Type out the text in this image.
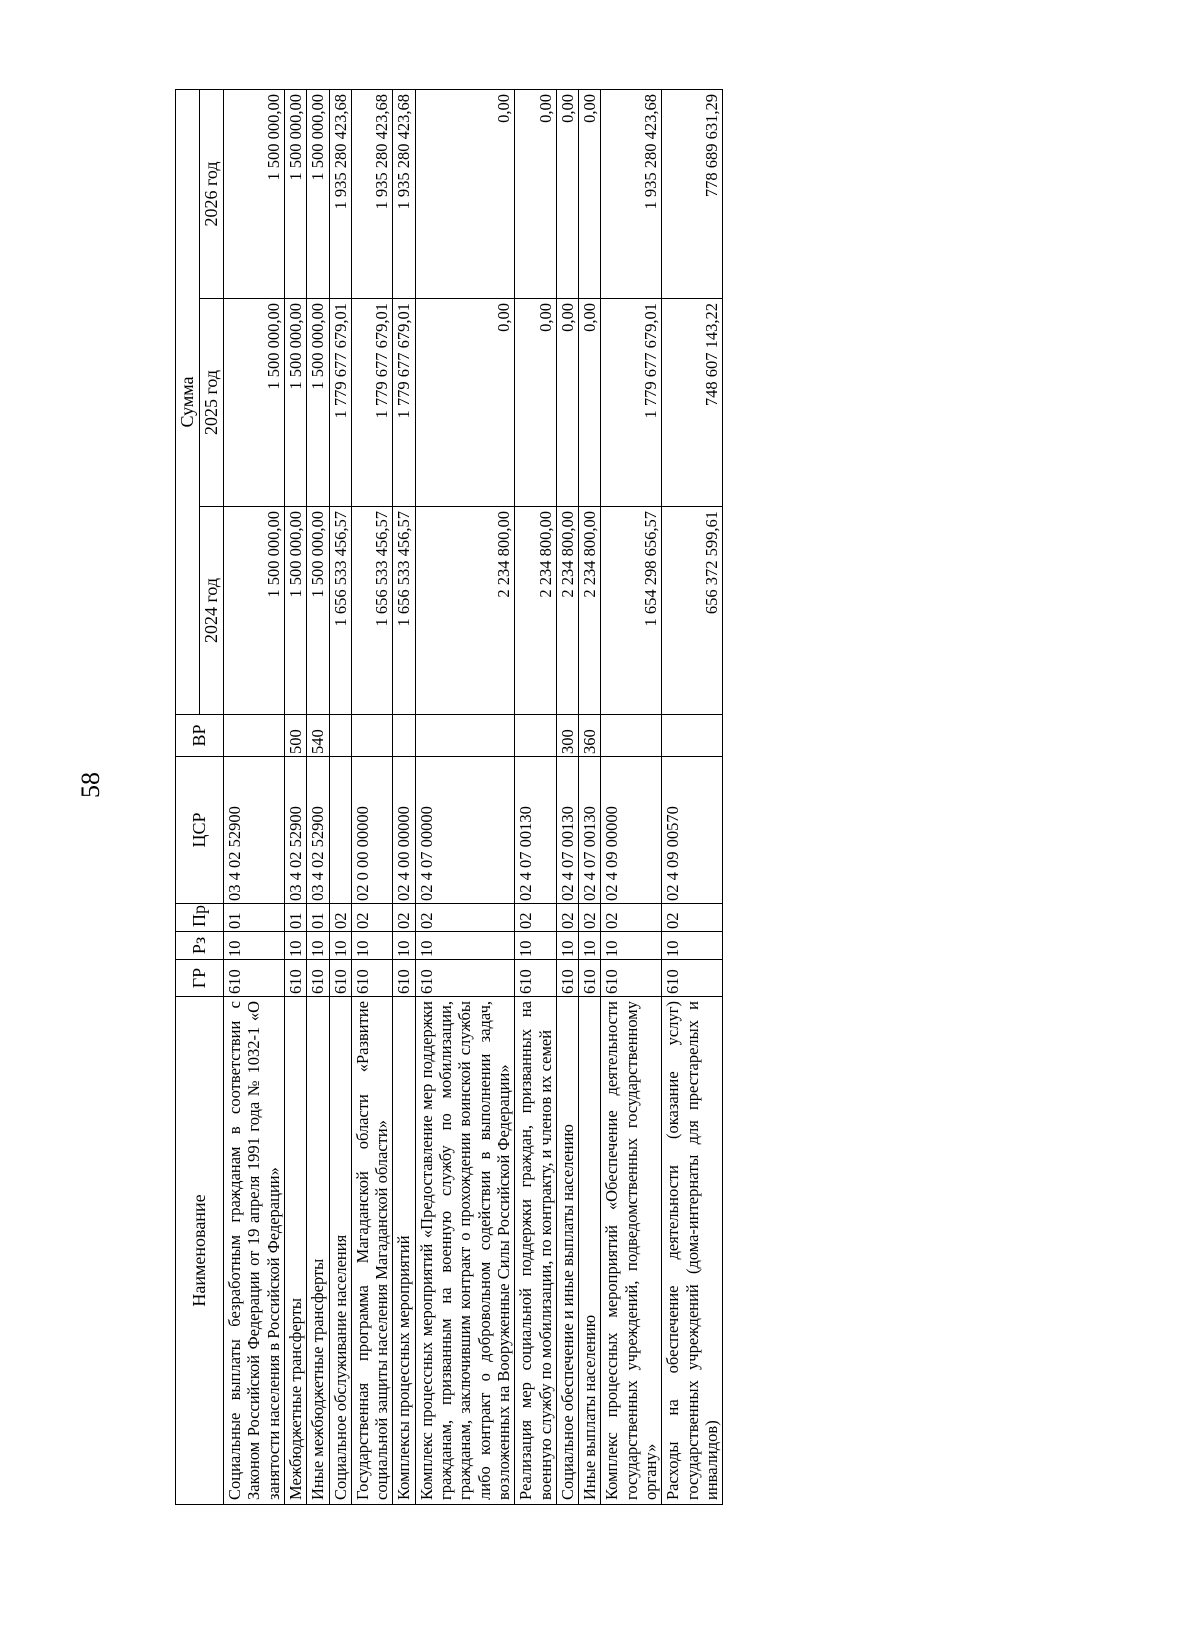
58
Наименование	ГР	Рз	Пр	ЦСР	ВР	Сумма		
						2024 год	2025 год	2026 год
Социальные выплаты безработным гражданам в соответствии с Законом Российской Федерации от 19 апреля 1991 года № 1032-1 «О занятости населения в Российской Федерации»	610	10	01	03 4 02 52900		1 500 000,00	1 500 000,00	1 500 000,00
Межбюджетные трансферты	610	10	01	03 4 02 52900	500	1 500 000,00	1 500 000,00	1 500 000,00
Иные межбюджетные трансферты	610	10	01	03 4 02 52900	540	1 500 000,00	1 500 000,00	1 500 000,00
Социальное обслуживание населения	610	10	02			1 656 533 456,57	1 779 677 679,01	1 935 280 423,68
Государственная программа Магаданской области «Развитие социальной защиты населения Магаданской области»	610	10	02	02 0 00 00000		1 656 533 456,57	1 779 677 679,01	1 935 280 423,68
Комплексы процессных мероприятий	610	10	02	02 4 00 00000		1 656 533 456,57	1 779 677 679,01	1 935 280 423,68
Комплекс процессных мероприятий «Предоставление мер поддержки гражданам, призванным на военную службу по мобилизации, гражданам, заключившим контракт о прохождении воинской службы либо контракт о добровольном содействии в выполнении задач, возложенных на Вооруженные Силы Российской Федерации»	610	10	02	02 4 07 00000		2 234 800,00	0,00	0,00
Реализация мер социальной поддержки граждан, призванных на военную службу по мобилизации, по контракту, и членов их семей	610	10	02	02 4 07 00130		2 234 800,00	0,00	0,00
Социальное обеспечение и иные выплаты населению	610	10	02	02 4 07 00130	300	2 234 800,00	0,00	0,00
Иные выплаты населению	610	10	02	02 4 07 00130	360	2 234 800,00	0,00	0,00
Комплекс процессных мероприятий «Обеспечение деятельности государственных учреждений, подведомственных государственному органу»	610	10	02	02 4 09 00000		1 654 298 656,57	1 779 677 679,01	1 935 280 423,68
Расходы на обеспечение деятельности (оказание услуг) государственных учреждений (дома-интернаты для престарелых и инвалидов)	610	10	02	02 4 09 00570		656 372 599,61	748 607 143,22	778 689 631,29
